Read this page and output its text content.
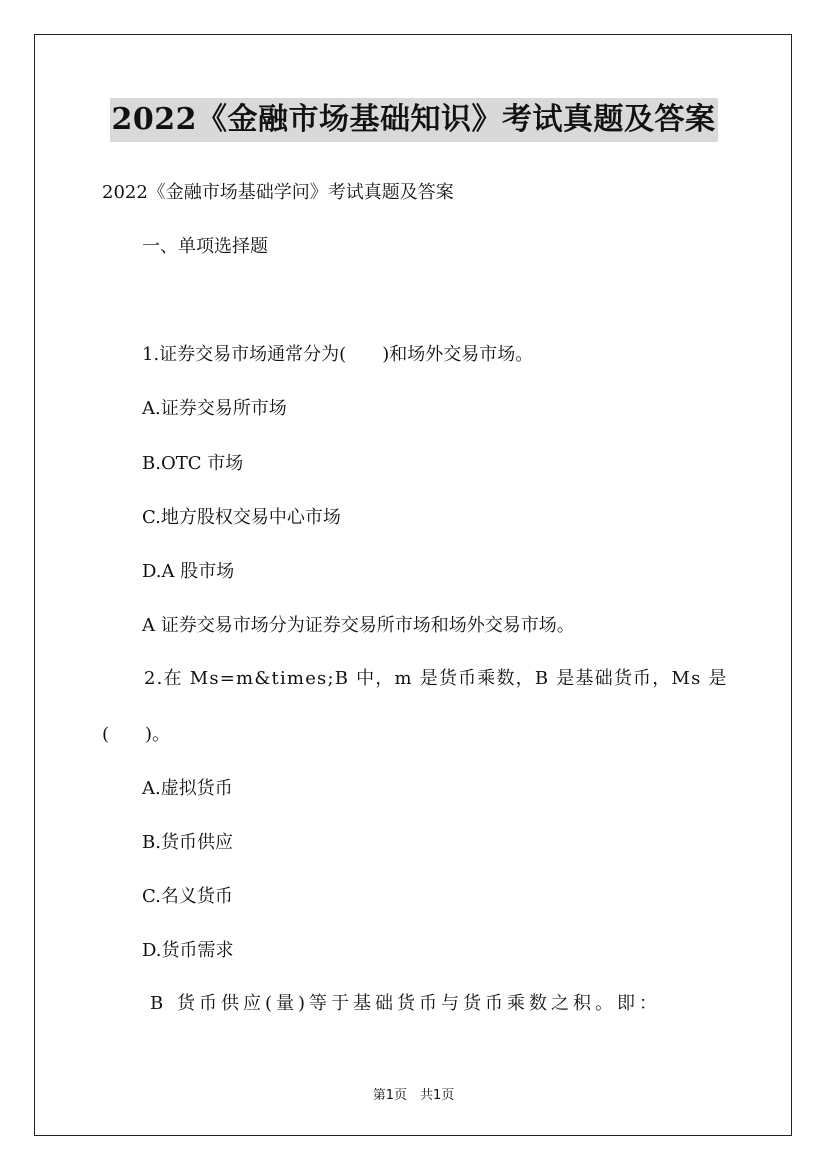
2022《金融市场基础知识》考试真题及答案
2022《金融市场基础学问》考试真题及答案
一、单项选择题
1.证券交易市场通常分为(　　)和场外交易市场。
A.证券交易所市场
B.OTC 市场
C.地方股权交易中心市场
D.A 股市场
A 证券交易市场分为证券交易所市场和场外交易市场。
2.在 Ms=m&times;B 中，m 是货币乘数，B 是基础货币，Ms 是
(　　)。
A.虚拟货币
B.货币供应
C.名义货币
D.货币需求
B 货币供应(量)等于基础货币与货币乘数之积。即：
第1页　共1页
